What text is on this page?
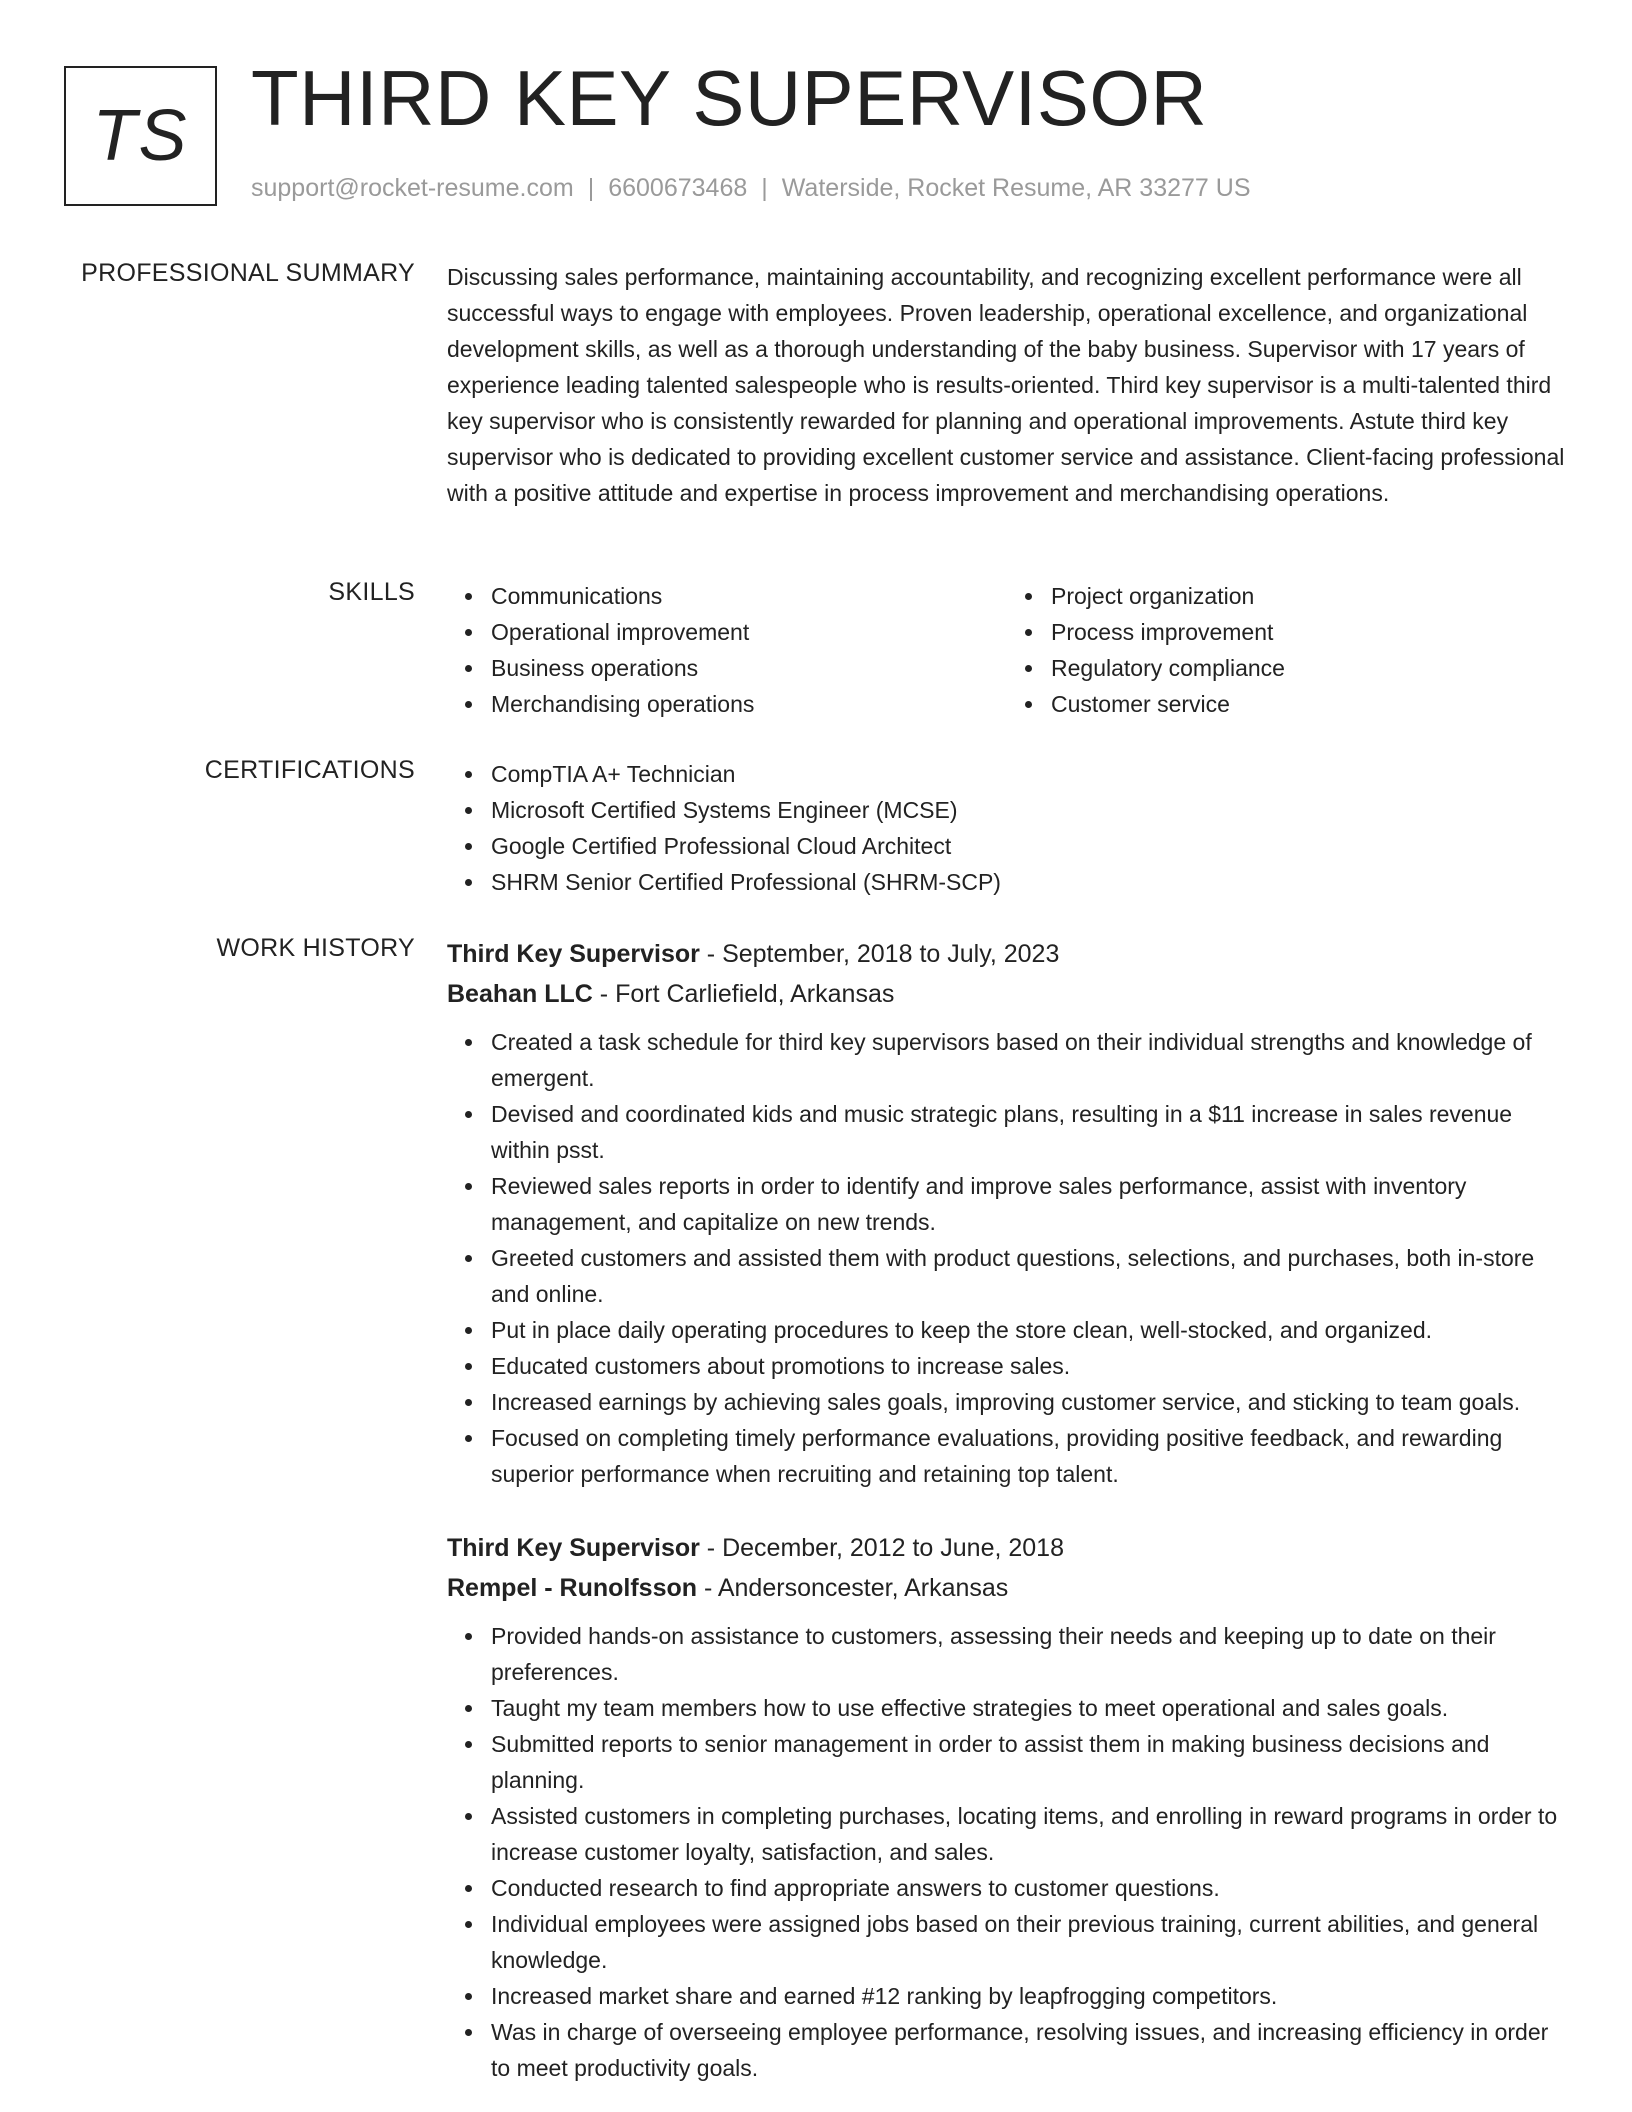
TS THIRD KEY SUPERVISOR
support@rocket-resume.com | 6600673468 | Waterside, Rocket Resume, AR 33277 US
PROFESSIONAL SUMMARY Discussing sales performance, maintaining accountability, and recognizing excellent performance were all successful ways to engage with employees. Proven leadership, operational excellence, and organizational development skills, as well as a thorough understanding of the baby business. Supervisor with 17 years of experience leading talented salespeople who is results-oriented. Third key supervisor is a multi-talented third key supervisor who is consistently rewarded for planning and operational improvements. Astute third key supervisor who is dedicated to providing excellent customer service and assistance. Client-facing professional with a positive attitude and expertise in process improvement and merchandising operations.

SKILLS	Communications
Operational improvement
Business operations
Merchandising operations
Project organization
Process improvement
Regulatory compliance
Customer service
CERTIFICATIONS	CompTIA A+ Technician
Microsoft Certified Systems Engineer (MCSE)
Google Certified Professional Cloud Architect
SHRM Senior Certified Professional (SHRM-SCP)
WORK HISTORY Third Key Supervisor - September, 2018 to July, 2023

Beahan LLC - Fort Carliefield, Arkansas

Created a task schedule for third key supervisors based on their individual strengths and knowledge of emergent.
Devised and coordinated kids and music strategic plans, resulting in a $11 increase in sales revenue within psst.
Reviewed sales reports in order to identify and improve sales performance, assist with inventory management, and capitalize on new trends.
Greeted customers and assisted them with product questions, selections, and purchases, both in-store and online.
Put in place daily operating procedures to keep the store clean, well-stocked, and organized.
Educated customers about promotions to increase sales.
Increased earnings by achieving sales goals, improving customer service, and sticking to team goals.
Focused on completing timely performance evaluations, providing positive feedback, and rewarding superior performance when recruiting and retaining top talent.

Third Key Supervisor - December, 2012 to June, 2018

Rempel - Runolfsson - Andersoncester, Arkansas

Provided hands-on assistance to customers, assessing their needs and keeping up to date on their preferences.
Taught my team members how to use effective strategies to meet operational and sales goals.
Submitted reports to senior management in order to assist them in making business decisions and planning.
Assisted customers in completing purchases, locating items, and enrolling in reward programs in order to increase customer loyalty, satisfaction, and sales.
Conducted research to find appropriate answers to customer questions.
Individual employees were assigned jobs based on their previous training, current abilities, and general knowledge.
Increased market share and earned #12 ranking by leapfrogging competitors.
Was in charge of overseeing employee performance, resolving issues, and increasing efficiency in order to meet productivity goals.
